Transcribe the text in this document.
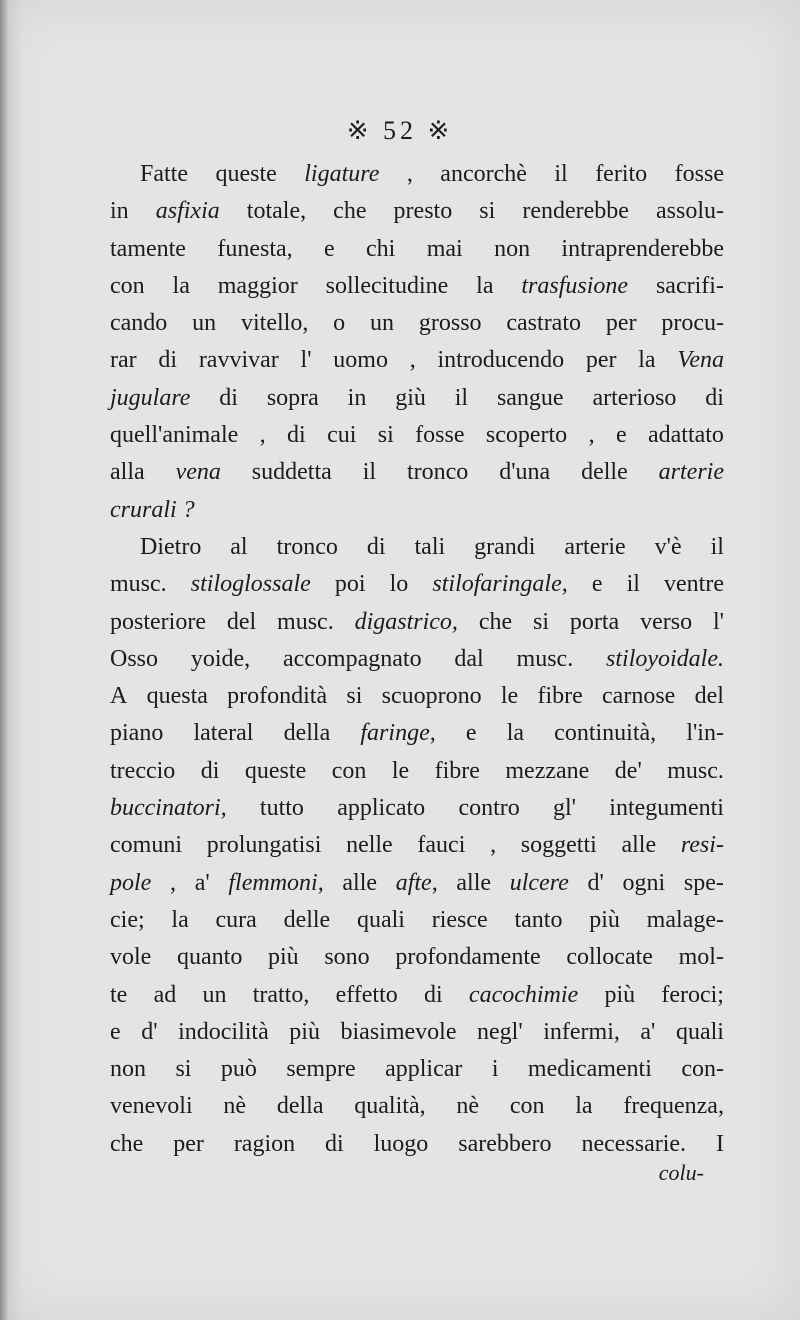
※ 52 ※
Fatte queste ligature , ancorchè il ferito fosse
in asfixia totale, che presto si renderebbe assolu-
tamente funesta, e chi mai non intraprenderebbe
con la maggior sollecitudine la trasfusione sacrifi-
cando un vitello, o un grosso castrato per procu-
rar di ravvivar l' uomo , introducendo per la Vena
jugulare di sopra in giù il sangue arterioso di
quell'animale , di cui si fosse scoperto , e adattato
alla vena suddetta il tronco d'una delle arterie
crurali ?
Dietro al tronco di tali grandi arterie v'è il
musc. stiloglossale poi lo stilofaringale, e il ventre
posteriore del musc. digastrico, che si porta verso l'
Osso yoide, accompagnato dal musc. stiloyoidale.
A questa profondità si scuoprono le fibre carnose del
piano lateral della faringe, e la continuità, l'in-
treccio di queste con le fibre mezzane de' musc.
buccinatori, tutto applicato contro gl' integumenti
comuni prolungatisi nelle fauci , soggetti alle resi-
pole , a' flemmoni, alle afte, alle ulcere d' ogni spe-
cie; la cura delle quali riesce tanto più malage-
vole quanto più sono profondamente collocate mol-
te ad un tratto, effetto di cacochimie più feroci;
e d' indocilità più biasimevole negl' infermi, a' quali
non si può sempre applicar i medicamenti con-
venevoli nè della qualità, nè con la frequenza,
che per ragion di luogo sarebbero necessarie. I
colu-
